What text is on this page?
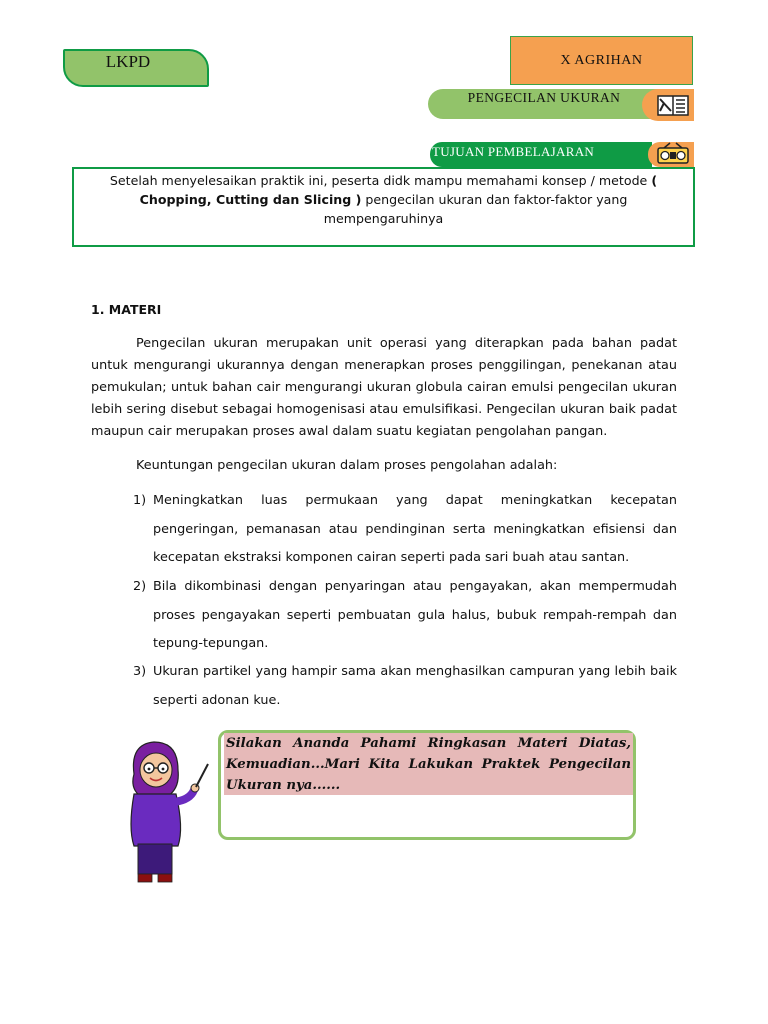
LKPD	X AGRIHAN
PENGECILAN UKURAN
TUJUAN PEMBELAJARAN
Setelah menyelesaikan praktik ini, peserta didk mampu memahami konsep / metode ( Chopping, Cutting dan Slicing ) pengecilan ukuran dan faktor-faktor yang mempengaruhinya
1. MATERI
Pengecilan ukuran merupakan unit operasi yang diterapkan pada bahan padat untuk mengurangi ukurannya dengan menerapkan proses penggilingan, penekanan atau pemukulan; untuk bahan cair mengurangi ukuran globula cairan emulsi pengecilan ukuran lebih sering disebut sebagai homogenisasi atau emulsifikasi. Pengecilan ukuran baik padat maupun cair merupakan proses awal dalam suatu kegiatan pengolahan pangan.
Keuntungan pengecilan ukuran dalam proses pengolahan adalah:
1) Meningkatkan luas permukaan yang dapat meningkatkan kecepatan pengeringan, pemanasan atau pendinginan serta meningkatkan efisiensi dan kecepatan ekstraksi komponen cairan seperti pada sari buah atau santan.
2) Bila dikombinasi dengan penyaringan atau pengayakan, akan mempermudah proses pengayakan seperti pembuatan gula halus, bubuk rempah-rempah dan tepung-tepungan.
3) Ukuran partikel yang hampir sama akan menghasilkan campuran yang lebih baik seperti adonan kue.
Silakan Ananda Pahami Ringkasan Materi Diatas, Kemuadian...Mari Kita Lakukan Praktek Pengecilan Ukuran nya......
